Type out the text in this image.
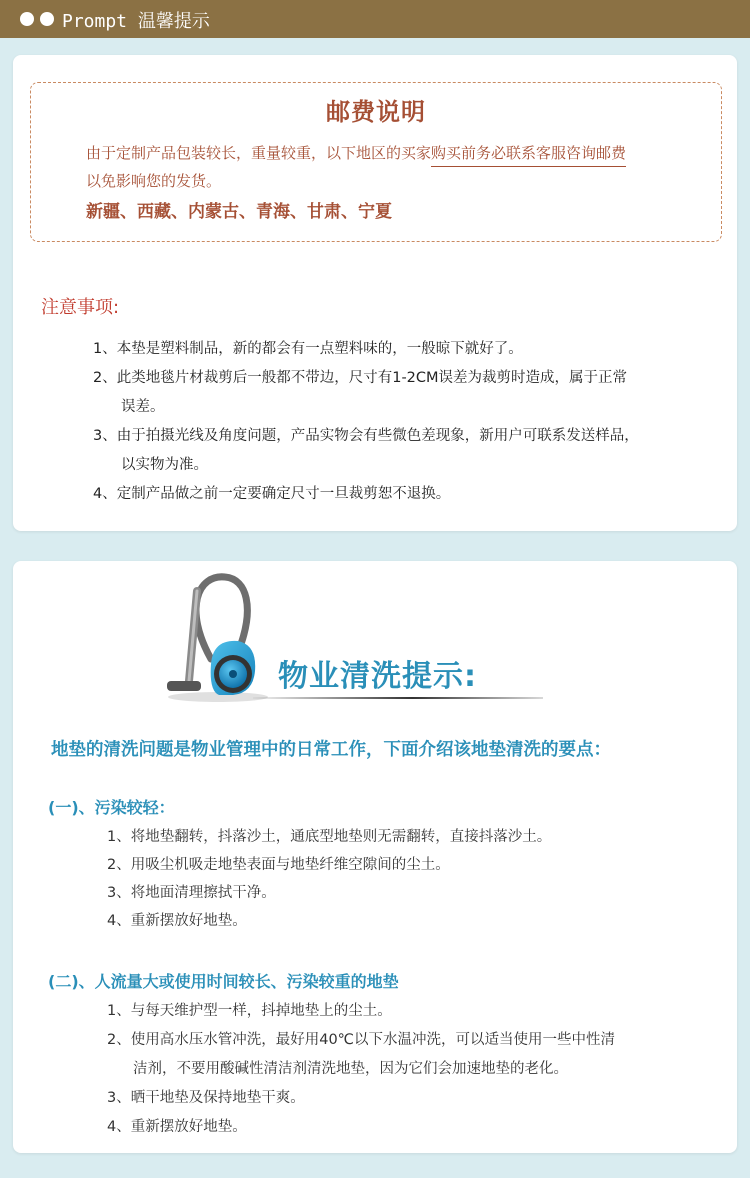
Prompt 温馨提示
邮费说明
由于定制产品包装较长，重量较重，以下地区的买家购买前务必联系客服咨询邮费
以免影响您的发货。
新疆、西藏、内蒙古、青海、甘肃、宁夏
注意事项:
1、本垫是塑料制品，新的都会有一点塑料味的，一般晾下就好了。
2、此类地毯片材裁剪后一般都不带边，尺寸有1-2CM误差为裁剪时造成，属于正常
误差。
3、由于拍摄光线及角度问题，产品实物会有些微色差现象，新用户可联系发送样品，
以实物为准。
4、定制产品做之前一定要确定尺寸一旦裁剪恕不退换。
物业清洗提示:
地垫的清洗问题是物业管理中的日常工作，下面介绍该地垫清洗的要点：
(一)、污染较轻：
1、将地垫翻转，抖落沙土，通底型地垫则无需翻转，直接抖落沙土。
2、用吸尘机吸走地垫表面与地垫纤维空隙间的尘土。
3、将地面清理擦拭干净。
4、重新摆放好地垫。
(二)、人流量大或使用时间较长、污染较重的地垫
1、与每天维护型一样，抖掉地垫上的尘土。
2、使用高水压水管冲洗，最好用40℃以下水温冲洗，可以适当使用一些中性清
洁剂，不要用酸碱性清洁剂清洗地垫，因为它们会加速地垫的老化。
3、晒干地垫及保持地垫干爽。
4、重新摆放好地垫。
